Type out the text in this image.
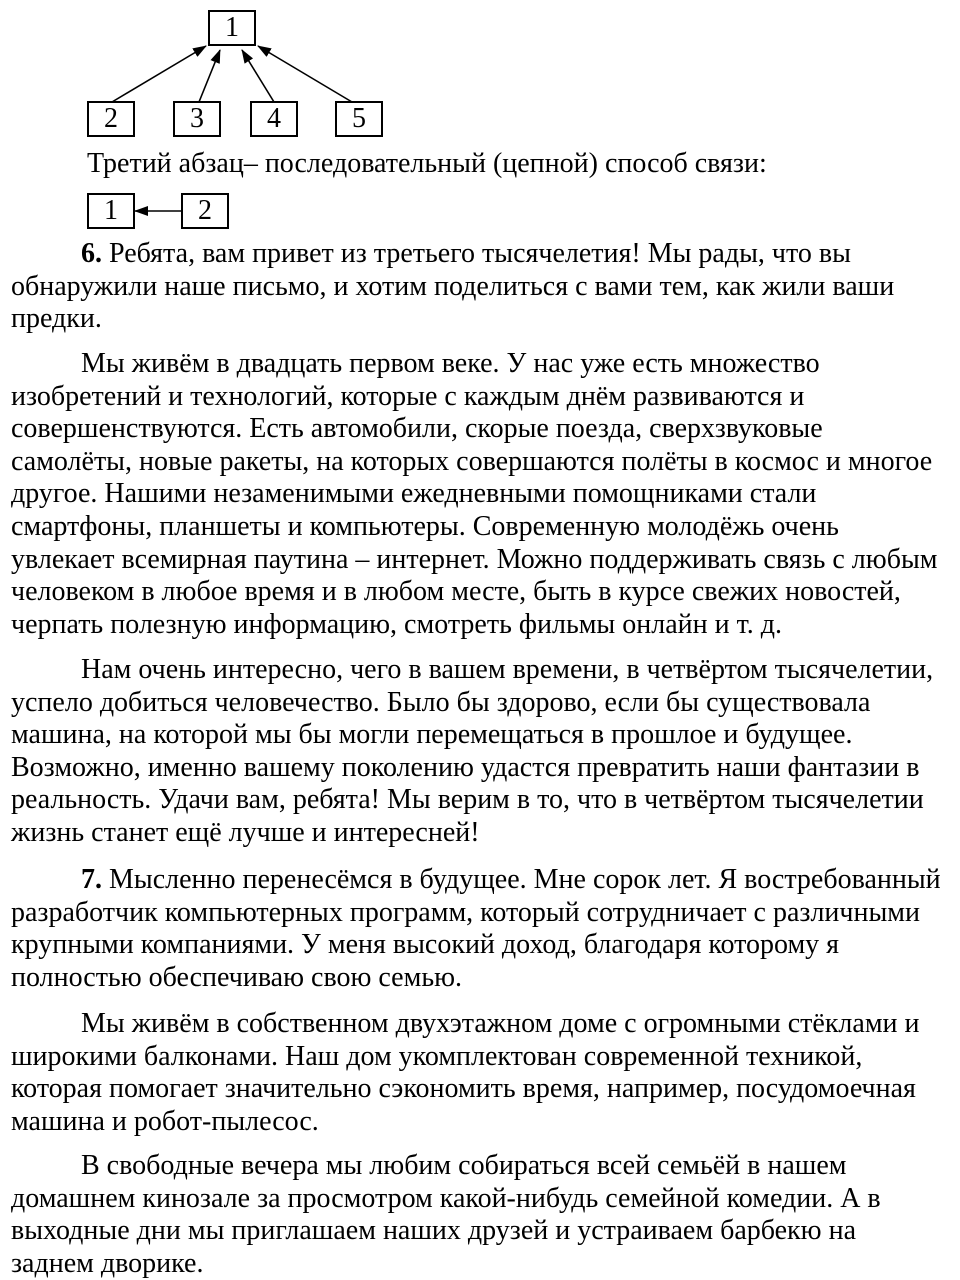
1
2	3	4	5
Третий абзац– последовательный (цепной) способ связи:
1	2
6. Ребята, вам привет из третьего тысячелетия! Мы рады, что вы
обнаружили наше письмо, и хотим поделиться с вами тем, как жили ваши
предки.
Мы живём в двадцать первом веке. У нас уже есть множество
изобретений и технологий, которые с каждым днём развиваются и
совершенствуются. Есть автомобили, скорые поезда, сверхзвуковые
самолёты, новые ракеты, на которых совершаются полёты в космос и многое
другое. Нашими незаменимыми ежедневными помощниками стали
смартфоны, планшеты и компьютеры. Современную молодёжь очень
увлекает всемирная паутина – интернет. Можно поддерживать связь с любым
человеком в любое время и в любом месте, быть в курсе свежих новостей,
черпать полезную информацию, смотреть фильмы онлайн и т. д.
Нам очень интересно, чего в вашем времени, в четвёртом тысячелетии,
успело добиться человечество. Было бы здорово, если бы существовала
машина, на которой мы бы могли перемещаться в прошлое и будущее.
Возможно, именно вашему поколению удастся превратить наши фантазии в
реальность. Удачи вам, ребята! Мы верим в то, что в четвёртом тысячелетии
жизнь станет ещё лучше и интересней!
7. Мысленно перенесёмся в будущее. Мне сорок лет. Я востребованный
разработчик компьютерных программ, который сотрудничает с различными
крупными компаниями. У меня высокий доход, благодаря которому я
полностью обеспечиваю свою семью.
Мы живём в собственном двухэтажном доме с огромными стёклами и
широкими балконами. Наш дом укомплектован современной техникой,
которая помогает значительно сэкономить время, например, посудомоечная
машина и робот-пылесос.
В свободные вечера мы любим собираться всей семьёй в нашем
домашнем кинозале за просмотром какой-нибудь семейной комедии. А в
выходные дни мы приглашаем наших друзей и устраиваем барбекю на
заднем дворике.
